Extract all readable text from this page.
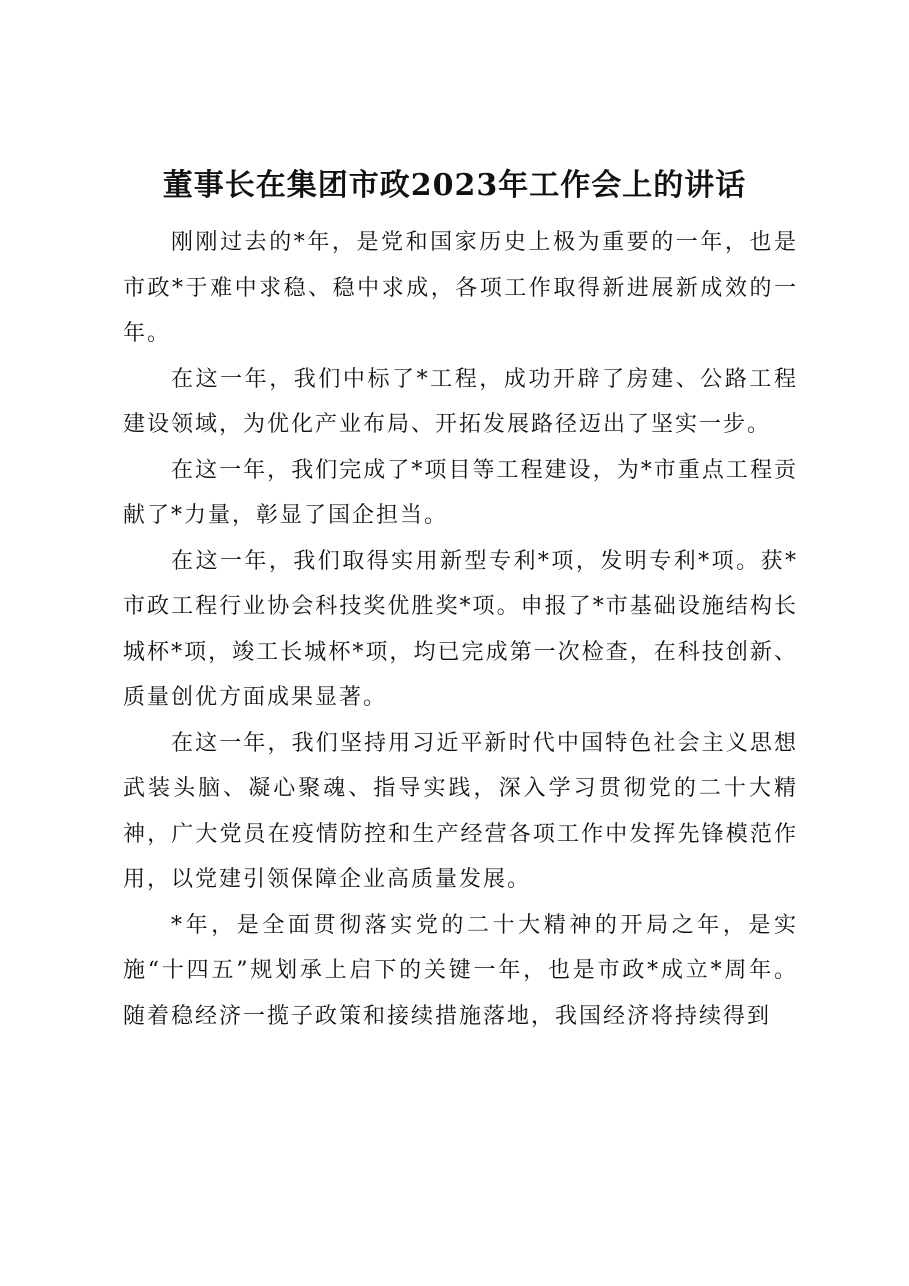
董事长在集团市政2023年工作会上的讲话

刚刚过去的*年，是党和国家历史上极为重要的一年，也是市政*于难中求稳、稳中求成，各项工作取得新进展新成效的一年。

在这一年，我们中标了*工程，成功开辟了房建、公路工程建设领域，为优化产业布局、开拓发展路径迈出了坚实一步。

在这一年，我们完成了*项目等工程建设，为*市重点工程贡献了*力量，彰显了国企担当。

在这一年，我们取得实用新型专利*项，发明专利*项。获*市政工程行业协会科技奖优胜奖*项。申报了*市基础设施结构长城杯*项，竣工长城杯*项，均已完成第一次检查，在科技创新、质量创优方面成果显著。

在这一年，我们坚持用习近平新时代中国特色社会主义思想武装头脑、凝心聚魂、指导实践，深入学习贯彻党的二十大精神，广大党员在疫情防控和生产经营各项工作中发挥先锋模范作用，以党建引领保障企业高质量发展。

*年，是全面贯彻落实党的二十大精神的开局之年，是实施“十四五”规划承上启下的关键一年，也是市政*成立*周年。随着稳经济一揽子政策和接续措施落地，我国经济将持续得到
